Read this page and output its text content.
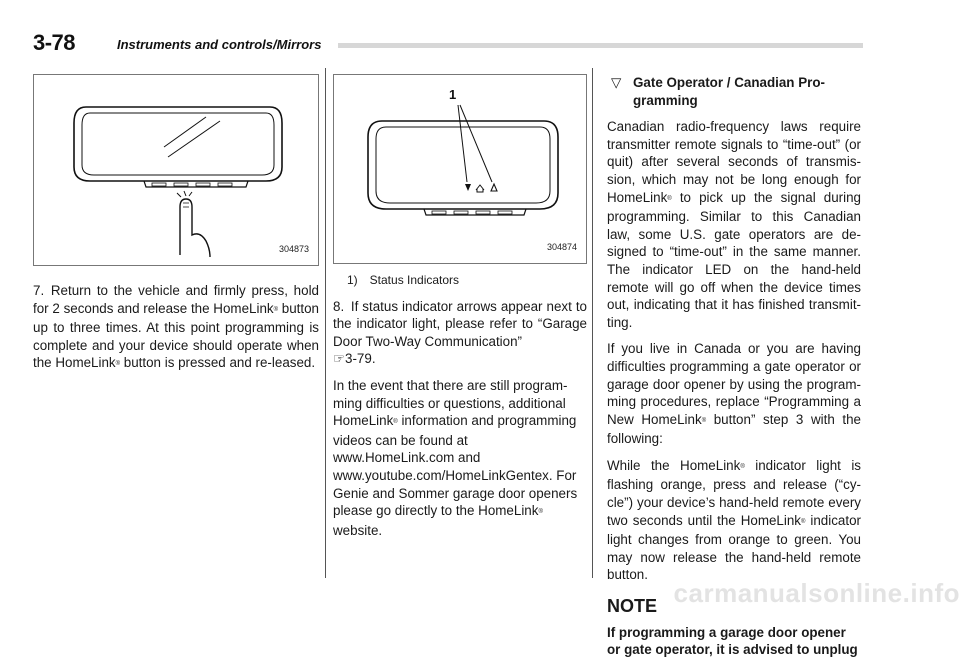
3-78	Instruments and controls/Mirrors
304873

7. Return to the vehicle and firmly press, hold for 2 seconds and release the HomeLink® button up to three times. At this point programming is complete and your device should operate when the HomeLink® button is pressed and re-leased.

1
304874
1) Status Indicators

8. If status indicator arrows appear next to the indicator light, please refer to “Garage Door Two-Way Communication”
☞3-79.

In the event that there are still program-ming difficulties or questions, additional HomeLink® information and programming videos can be found at
www.HomeLink.com and
www.youtube.com/HomeLinkGentex. For Genie and Sommer garage door openers please go directly to the HomeLink®
website.

▽ Gate Operator / Canadian Pro-gramming

Canadian radio-frequency laws require transmitter remote signals to “time-out” (or quit) after several seconds of transmis-sion, which may not be long enough for HomeLink® to pick up the signal during programming. Similar to this Canadian law, some U.S. gate operators are de-signed to “time-out” in the same manner. The indicator LED on the hand-held remote will go off when the device times out, indicating that it has finished transmit-ting.

If you live in Canada or you are having difficulties programming a gate operator or garage door opener by using the program-ming procedures, replace “Programming a New HomeLink® button” step 3 with the following:

While the HomeLink® indicator light is flashing orange, press and release (“cy-cle”) your device’s hand-held remote every two seconds until the HomeLink® indicator light changes from orange to green. You may now release the hand-held remote button.

NOTE
If programming a garage door opener or gate operator, it is advised to unplug
carmanualsonline.info
